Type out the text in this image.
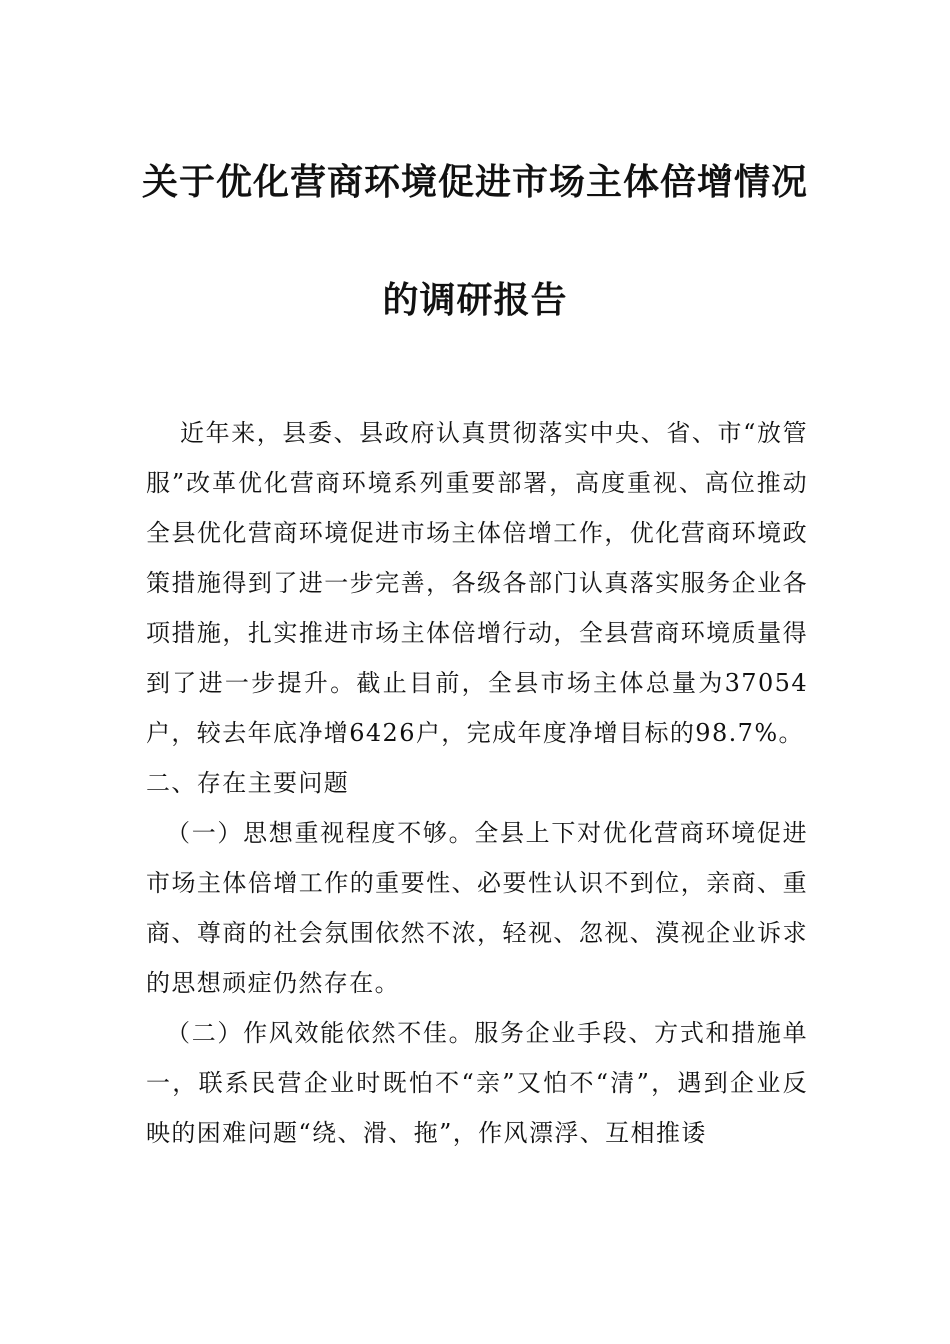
关于优化营商环境促进市场主体倍增情况
的调研报告

近年来，县委、县政府认真贯彻落实中央、省、市“放管服”改革优化营商环境系列重要部署，高度重视、高位推动全县优化营商环境促进市场主体倍增工作，优化营商环境政策措施得到了进一步完善，各级各部门认真落实服务企业各项措施，扎实推进市场主体倍增行动，全县营商环境质量得到了进一步提升。截止目前，全县市场主体总量为37054户，较去年底净增6426户，完成年度净增目标的98.7%。

二、存在主要问题

（一）思想重视程度不够。全县上下对优化营商环境促进市场主体倍增工作的重要性、必要性认识不到位，亲商、重商、尊商的社会氛围依然不浓，轻视、忽视、漠视企业诉求的思想顽症仍然存在。

（二）作风效能依然不佳。服务企业手段、方式和措施单一，联系民营企业时既怕不“亲”又怕不“清”，遇到企业反映的困难问题“绕、滑、拖”，作风漂浮、互相推诿
